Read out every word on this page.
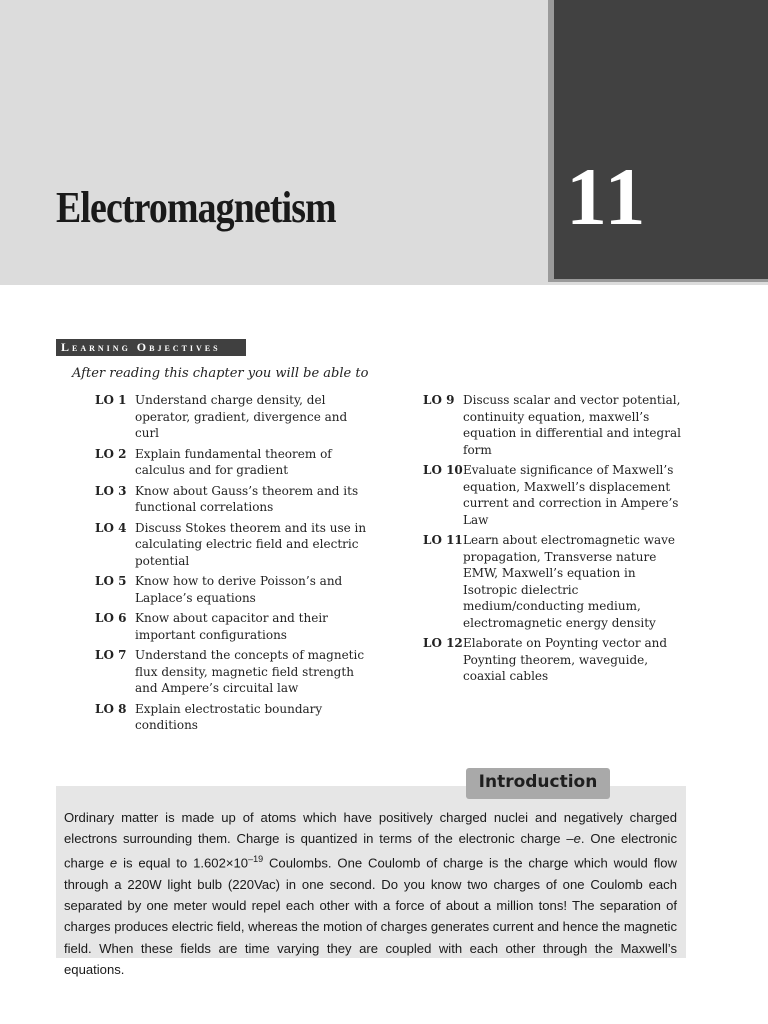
11
Electromagnetism
Learning Objectives
After reading this chapter you will be able to
LO 1 Understand charge density, del operator, gradient, divergence and curl
LO 2 Explain fundamental theorem of calculus and for gradient
LO 3 Know about Gauss’s theorem and its functional correlations
LO 4 Discuss Stokes theorem and its use in calculating electric field and electric potential
LO 5 Know how to derive Poisson’s and Laplace’s equations
LO 6 Know about capacitor and their important configurations
LO 7 Understand the concepts of magnetic flux density, magnetic field strength and Ampere’s circuital law
LO 8 Explain electrostatic boundary conditions
LO 9 Discuss scalar and vector potential, continuity equation, maxwell’s equation in differential and integral form
LO 10 Evaluate significance of Maxwell’s equation, Maxwell’s displacement current and correction in Ampere’s Law
LO 11 Learn about electromagnetic wave propagation, Transverse nature EMW, Maxwell’s equation in Isotropic dielectric medium/conducting medium, electromagnetic energy density
LO 12 Elaborate on Poynting vector and Poynting theorem, waveguide, coaxial cables
Introduction
Ordinary matter is made up of atoms which have positively charged nuclei and negatively charged electrons surrounding them. Charge is quantized in terms of the electronic charge –e. One electronic charge e is equal to $1.602\times 10^{-19}$ Coulombs. One Coulomb of charge is the charge which would flow through a 220W light bulb (220Vac) in one second. Do you know two charges of one Coulomb each separated by one meter would repel each other with a force of about a million tons! The separation of charges produces electric field, whereas the motion of charges generates current and hence the magnetic field. When these fields are time varying they are coupled with each other through the Maxwell’s equations.
